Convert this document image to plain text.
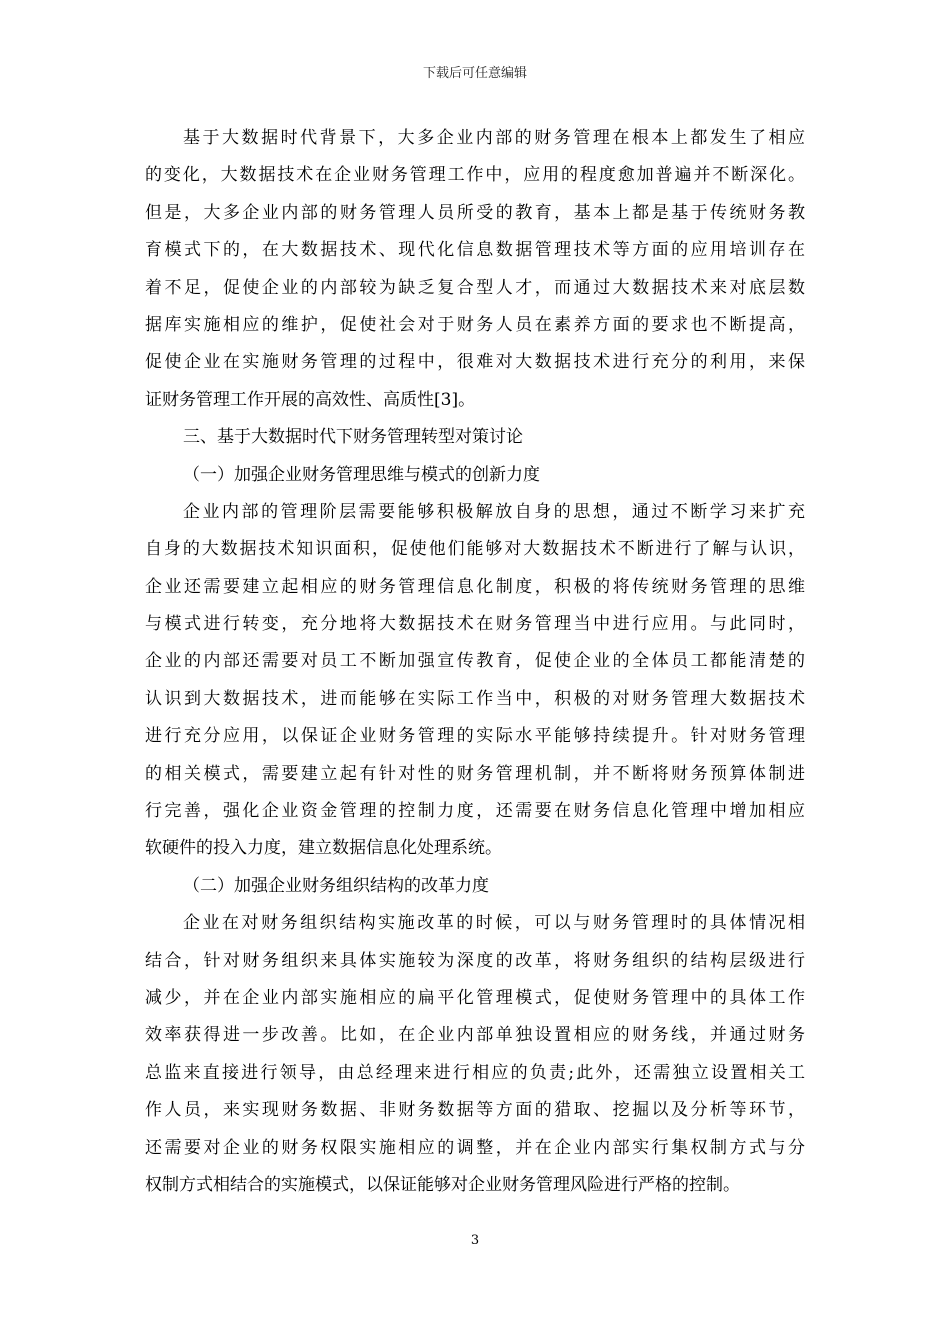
下载后可任意编辑
基于大数据时代背景下，大多企业内部的财务管理在根本上都发生了相应
的变化，大数据技术在企业财务管理工作中，应用的程度愈加普遍并不断深化。
但是，大多企业内部的财务管理人员所受的教育，基本上都是基于传统财务教
育模式下的，在大数据技术、现代化信息数据管理技术等方面的应用培训存在
着不足，促使企业的内部较为缺乏复合型人才，而通过大数据技术来对底层数
据库实施相应的维护，促使社会对于财务人员在素养方面的要求也不断提高，
促使企业在实施财务管理的过程中，很难对大数据技术进行充分的利用，来保
证财务管理工作开展的高效性、高质性[3]。
三、基于大数据时代下财务管理转型对策讨论
（一）加强企业财务管理思维与模式的创新力度
企业内部的管理阶层需要能够积极解放自身的思想，通过不断学习来扩充
自身的大数据技术知识面积，促使他们能够对大数据技术不断进行了解与认识，
企业还需要建立起相应的财务管理信息化制度，积极的将传统财务管理的思维
与模式进行转变，充分地将大数据技术在财务管理当中进行应用。与此同时，
企业的内部还需要对员工不断加强宣传教育，促使企业的全体员工都能清楚的
认识到大数据技术，进而能够在实际工作当中，积极的对财务管理大数据技术
进行充分应用，以保证企业财务管理的实际水平能够持续提升。针对财务管理
的相关模式，需要建立起有针对性的财务管理机制，并不断将财务预算体制进
行完善，强化企业资金管理的控制力度，还需要在财务信息化管理中增加相应
软硬件的投入力度，建立数据信息化处理系统。
（二）加强企业财务组织结构的改革力度
企业在对财务组织结构实施改革的时候，可以与财务管理时的具体情况相
结合，针对财务组织来具体实施较为深度的改革，将财务组织的结构层级进行
减少，并在企业内部实施相应的扁平化管理模式，促使财务管理中的具体工作
效率获得进一步改善。比如，在企业内部单独设置相应的财务线，并通过财务
总监来直接进行领导，由总经理来进行相应的负责;此外，还需独立设置相关工
作人员，来实现财务数据、非财务数据等方面的猎取、挖掘以及分析等环节，
还需要对企业的财务权限实施相应的调整，并在企业内部实行集权制方式与分
权制方式相结合的实施模式，以保证能够对企业财务管理风险进行严格的控制。
3
